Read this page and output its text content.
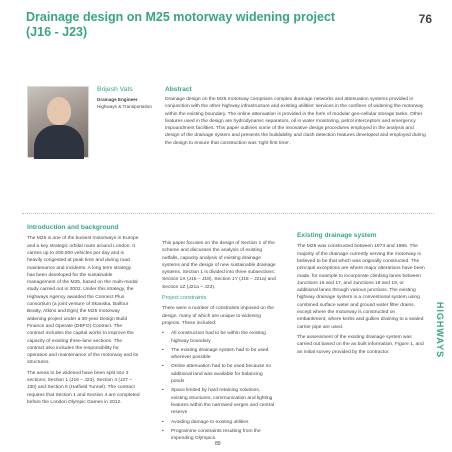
Drainage design on M25 motorway widening project (J16 - J23)
76
Brijesh Vats
Drainage Engineer
Highways & Transportation
Abstract
Drainage design on the M25 motorway comprises complex drainage networks and attenuation systems provided in conjunction with the other highway infrastructure and existing utilities' services in the confines of widening the motorway within the existing boundary. The online attenuation is provided in the form of modular geo-cellular storage tanks. Other features used in the design are hydrodynamic separators, oil in water monitoring, petrol interceptors and emergency impoundment facilities. This paper outlines some of the innovative design procedures employed in the analysis and design of the drainage system and presents the buildability and clash detection features developed and employed during the design to ensure that construction was 'right first time'.
Introduction and background

The M25 is one of the busiest motorways in Europe and a key strategic orbital route around London. It carries up to 200,000 vehicles per day and is heavily congested at peak time and during road maintenance and incidents. A long term strategy has been developed for the sustainable management of the M25, based on the multi-modal study carried out in 2002. Under this strategy, the Highways Agency awarded the Connect Plus consortium (a joint venture of Skanska, Balfour Beatty, Atkins and Egis) the M25 motorway widening project under a 30-year Design Build Finance and Operate (DBFO) Contract. The contract includes the capital works to improve the capacity of existing three-lane sections. The contract also includes the responsibility for operation and maintenance of the motorway and its structures.

The areas to be widened have been split into 3 sections; Section 1 (J16 – J23), Section 4 (J27 – J30) and Section 6 (Hatfield Tunnel). The contract requires that Section 1 and Section 4 are completed before the London Olympic Games in 2012.

This paper focuses on the design of Section 1 of the scheme and discusses the analysis of existing outfalls, capacity analysis of existing drainage systems and the design of new sustainable drainage systems. Section 1 is divided into three subsections: Section 1X (J16 – J18), Section 1Y (J18 – J21a) and Section 1Z (J21a – J23).

Project constraints

There were a number of constraints imposed on the design, many of which are unique to widening projects. These included:

• All construction had to be within the existing highway boundary
• The existing drainage system had to be used wherever possible
• Online attenuation had to be used because no additional land was available for balancing ponds
• Space limited by hard retaining solutions, existing structures, communication and lighting features within the narrowed verges and central reserve
• Avoiding damage to existing utilities
• Programme constraints resulting from the impending Olympics.
Existing drainage system

The M25 was constructed between 1973 and 1986. The majority of the drainage currently serving the motorway is believed to be that which was originally constructed. The principal exceptions are where major alterations have been made, for example to incorporate climbing lanes between Junctions 16 and 17, and Junctions 18 and 19, or additional lanes through various junctions. The existing highway drainage system is a conventional system using combined surface water and ground water filter drains, except where the motorway is constructed on embankment, where kerbs and gullies draining to a sealed carrier pipe are used.

The assessment of the existing drainage system was carried out based on the as built information, Figure 1, and an initial survey provided by the contractor.	HIGHWAYS
89
